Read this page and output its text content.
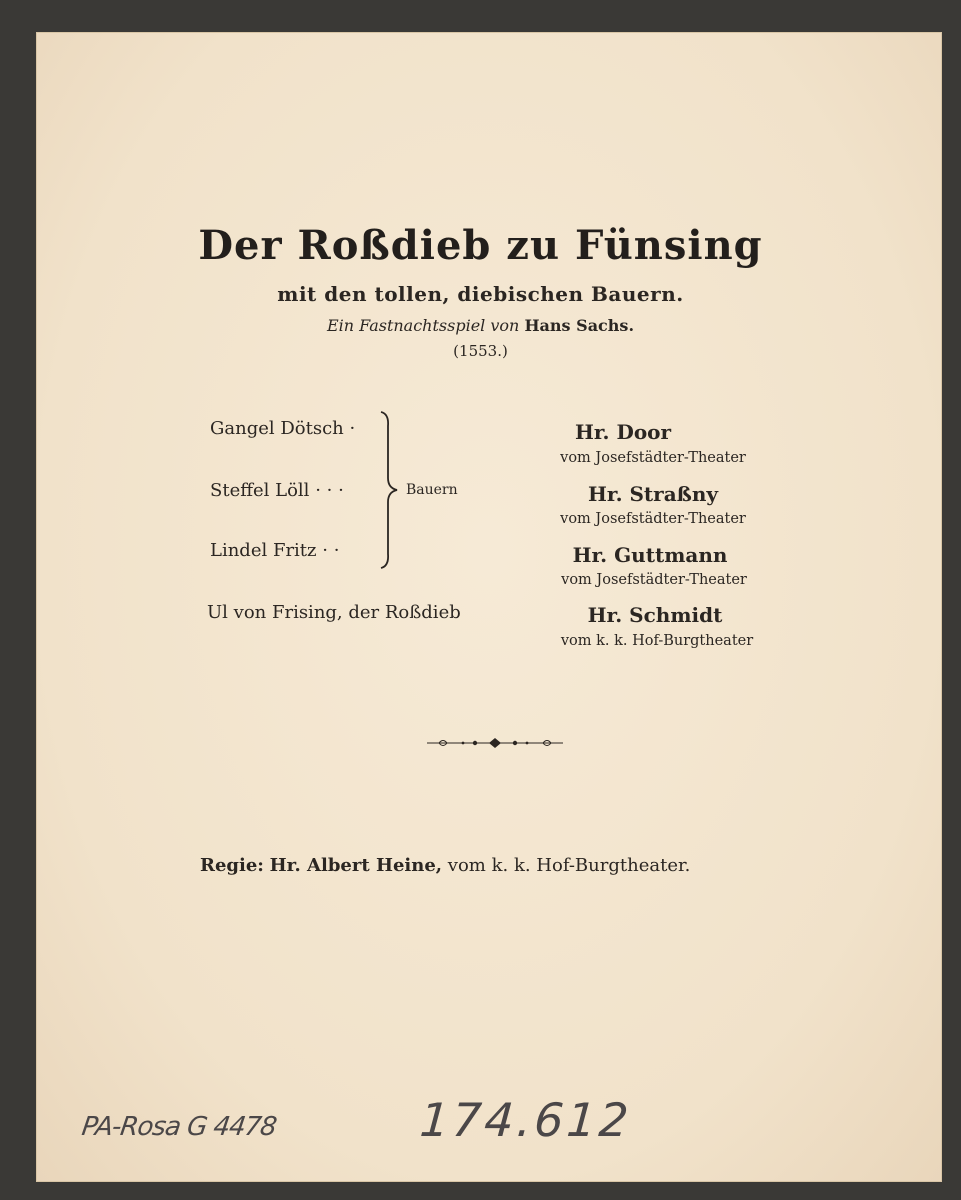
Der Roßdieb zu Fünsing
mit den tollen, diebischen Bauern.
Ein Fastnachtsspiel von Hans Sachs.
(1553.)
Gangel Dötsch ·	Hr. Door
vom Josefstädter-Theater
Steffel Löll · · ·	Hr. Straßny
vom Josefstädter-Theater
Lindel Fritz · ·	Hr. Guttmann
vom Josefstädter-Theater
Ul von Frising, der Roßdieb	Hr. Schmidt
vom k. k. Hof-Burgtheater
Bauern
Regie: Hr. Albert Heine, vom k. k. Hof-Burgtheater.
PA-Rosa G 4478	174.612
